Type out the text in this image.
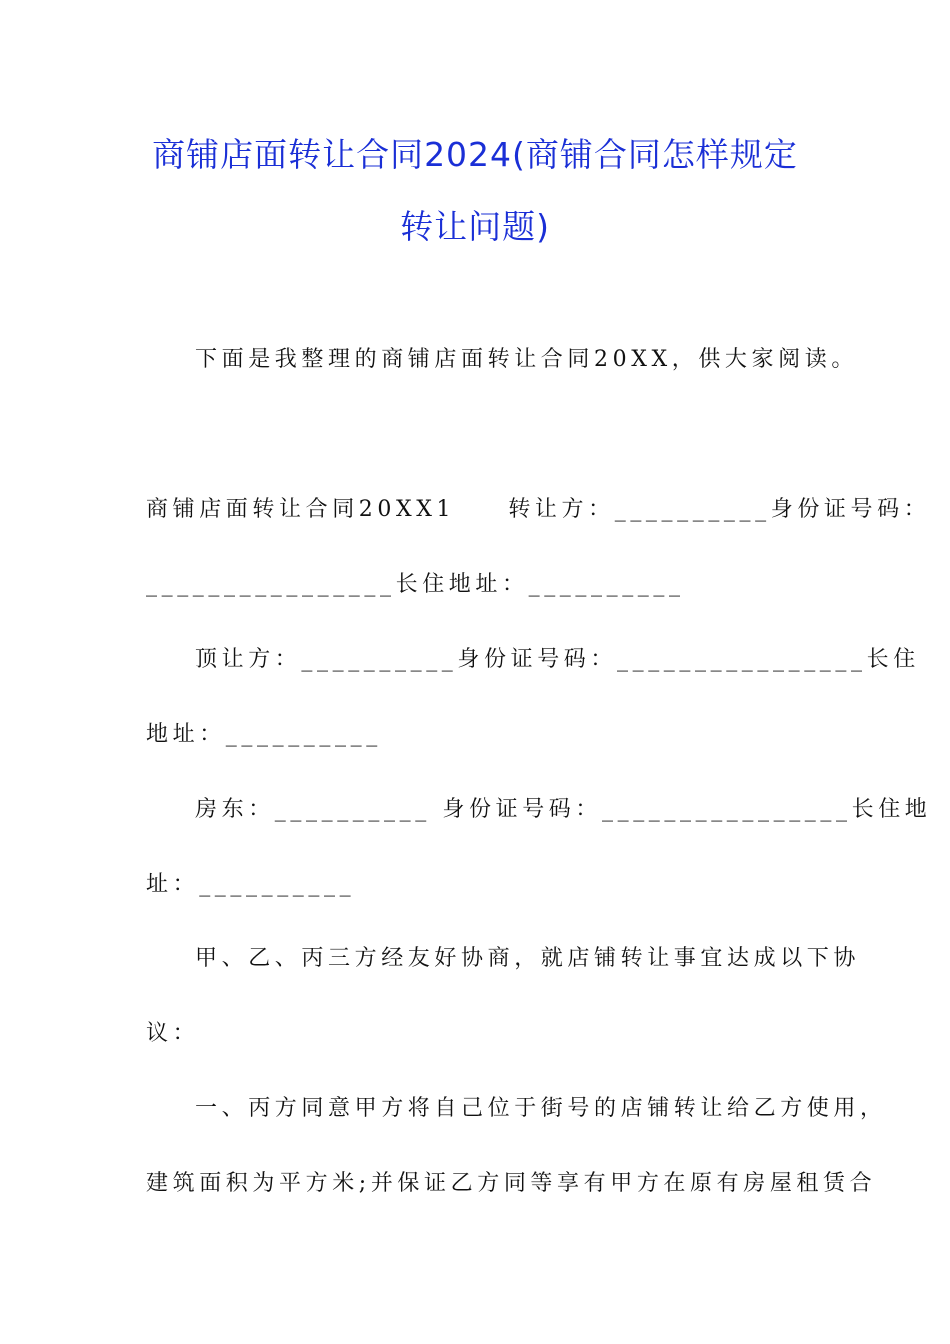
商铺店面转让合同2024(商铺合同怎样规定
转让问题)
下面是我整理的商铺店面转让合同20XX，供大家阅读。
商铺店面转让合同20XX1　　转让方：__________身份证号码：
________________长住地址：__________
顶让方：__________身份证号码：________________长住
地址：__________
房东：__________ 身份证号码：________________长住地
址：__________
甲、乙、丙三方经友好协商，就店铺转让事宜达成以下协
议：
一、丙方同意甲方将自己位于街号的店铺转让给乙方使用，
建筑面积为平方米;并保证乙方同等享有甲方在原有房屋租赁合
